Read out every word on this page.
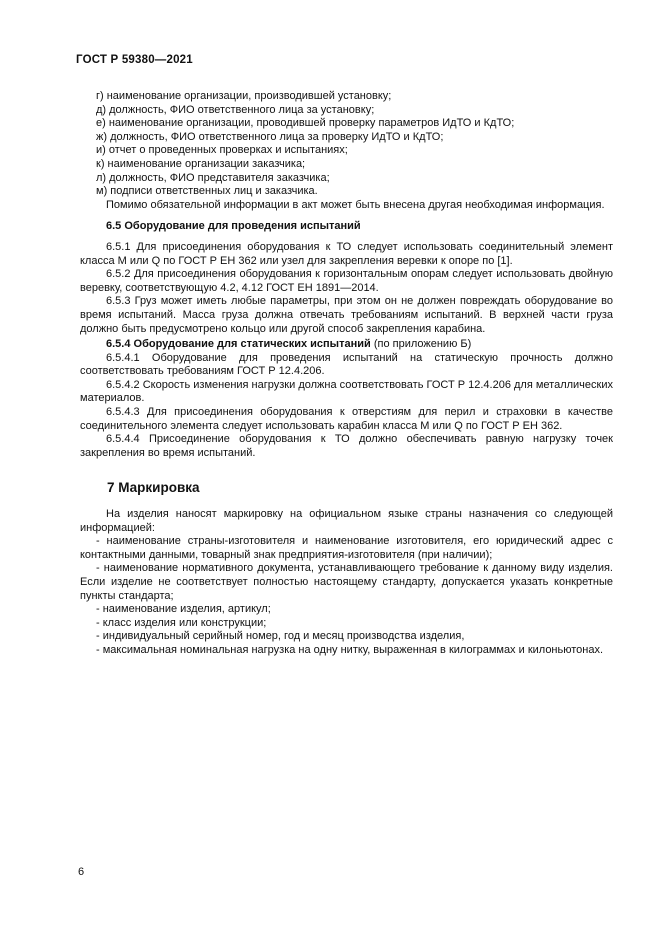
ГОСТ Р 59380—2021

г) наименование организации, производившей установку;

д) должность, ФИО ответственного лица за установку;

е) наименование организации, проводившей проверку параметров ИдТО и КдТО;

ж) должность, ФИО ответственного лица за проверку ИдТО и КдТО;

и) отчет о проведенных проверках и испытаниях;

к) наименование организации заказчика;

л) должность, ФИО представителя заказчика;

м) подписи ответственных лиц и заказчика.

Помимо обязательной информации в акт может быть внесена другая необходимая информация.

6.5 Оборудование для проведения испытаний

6.5.1 Для присоединения оборудования к ТО следует использовать соединительный элемент класса М или Q по ГОСТ Р ЕН 362 или узел для закрепления веревки к опоре по [1].

6.5.2 Для присоединения оборудования к горизонтальным опорам следует использовать двойную веревку, соответствующую 4.2, 4.12 ГОСТ ЕН 1891—2014.

6.5.3 Груз может иметь любые параметры, при этом он не должен повреждать оборудование во время испытаний. Масса груза должна отвечать требованиям испытаний. В верхней части груза должно быть предусмотрено кольцо или другой способ закрепления карабина.

6.5.4 Оборудование для статических испытаний (по приложению Б)

6.5.4.1 Оборудование для проведения испытаний на статическую прочность должно соответствовать требованиям ГОСТ Р 12.4.206.

6.5.4.2 Скорость изменения нагрузки должна соответствовать ГОСТ Р 12.4.206 для металлических материалов.

6.5.4.3 Для присоединения оборудования к отверстиям для перил и страховки в качестве соединительного элемента следует использовать карабин класса М или Q по ГОСТ Р ЕН 362.

6.5.4.4 Присоединение оборудования к ТО должно обеспечивать равную нагрузку точек закрепления во время испытаний.

7 Маркировка

На изделия наносят маркировку на официальном языке страны назначения со следующей информацией:

- наименование страны-изготовителя и наименование изготовителя, его юридический адрес с контактными данными, товарный знак предприятия-изготовителя (при наличии);

- наименование нормативного документа, устанавливающего требование к данному виду изделия. Если изделие не соответствует полностью настоящему стандарту, допускается указать конкретные пункты стандарта;

- наименование изделия, артикул;

- класс изделия или конструкции;

- индивидуальный серийный номер, год и месяц производства изделия,

- максимальная номинальная нагрузка на одну нитку, выраженная в килограммах и килоньютонах.

6
